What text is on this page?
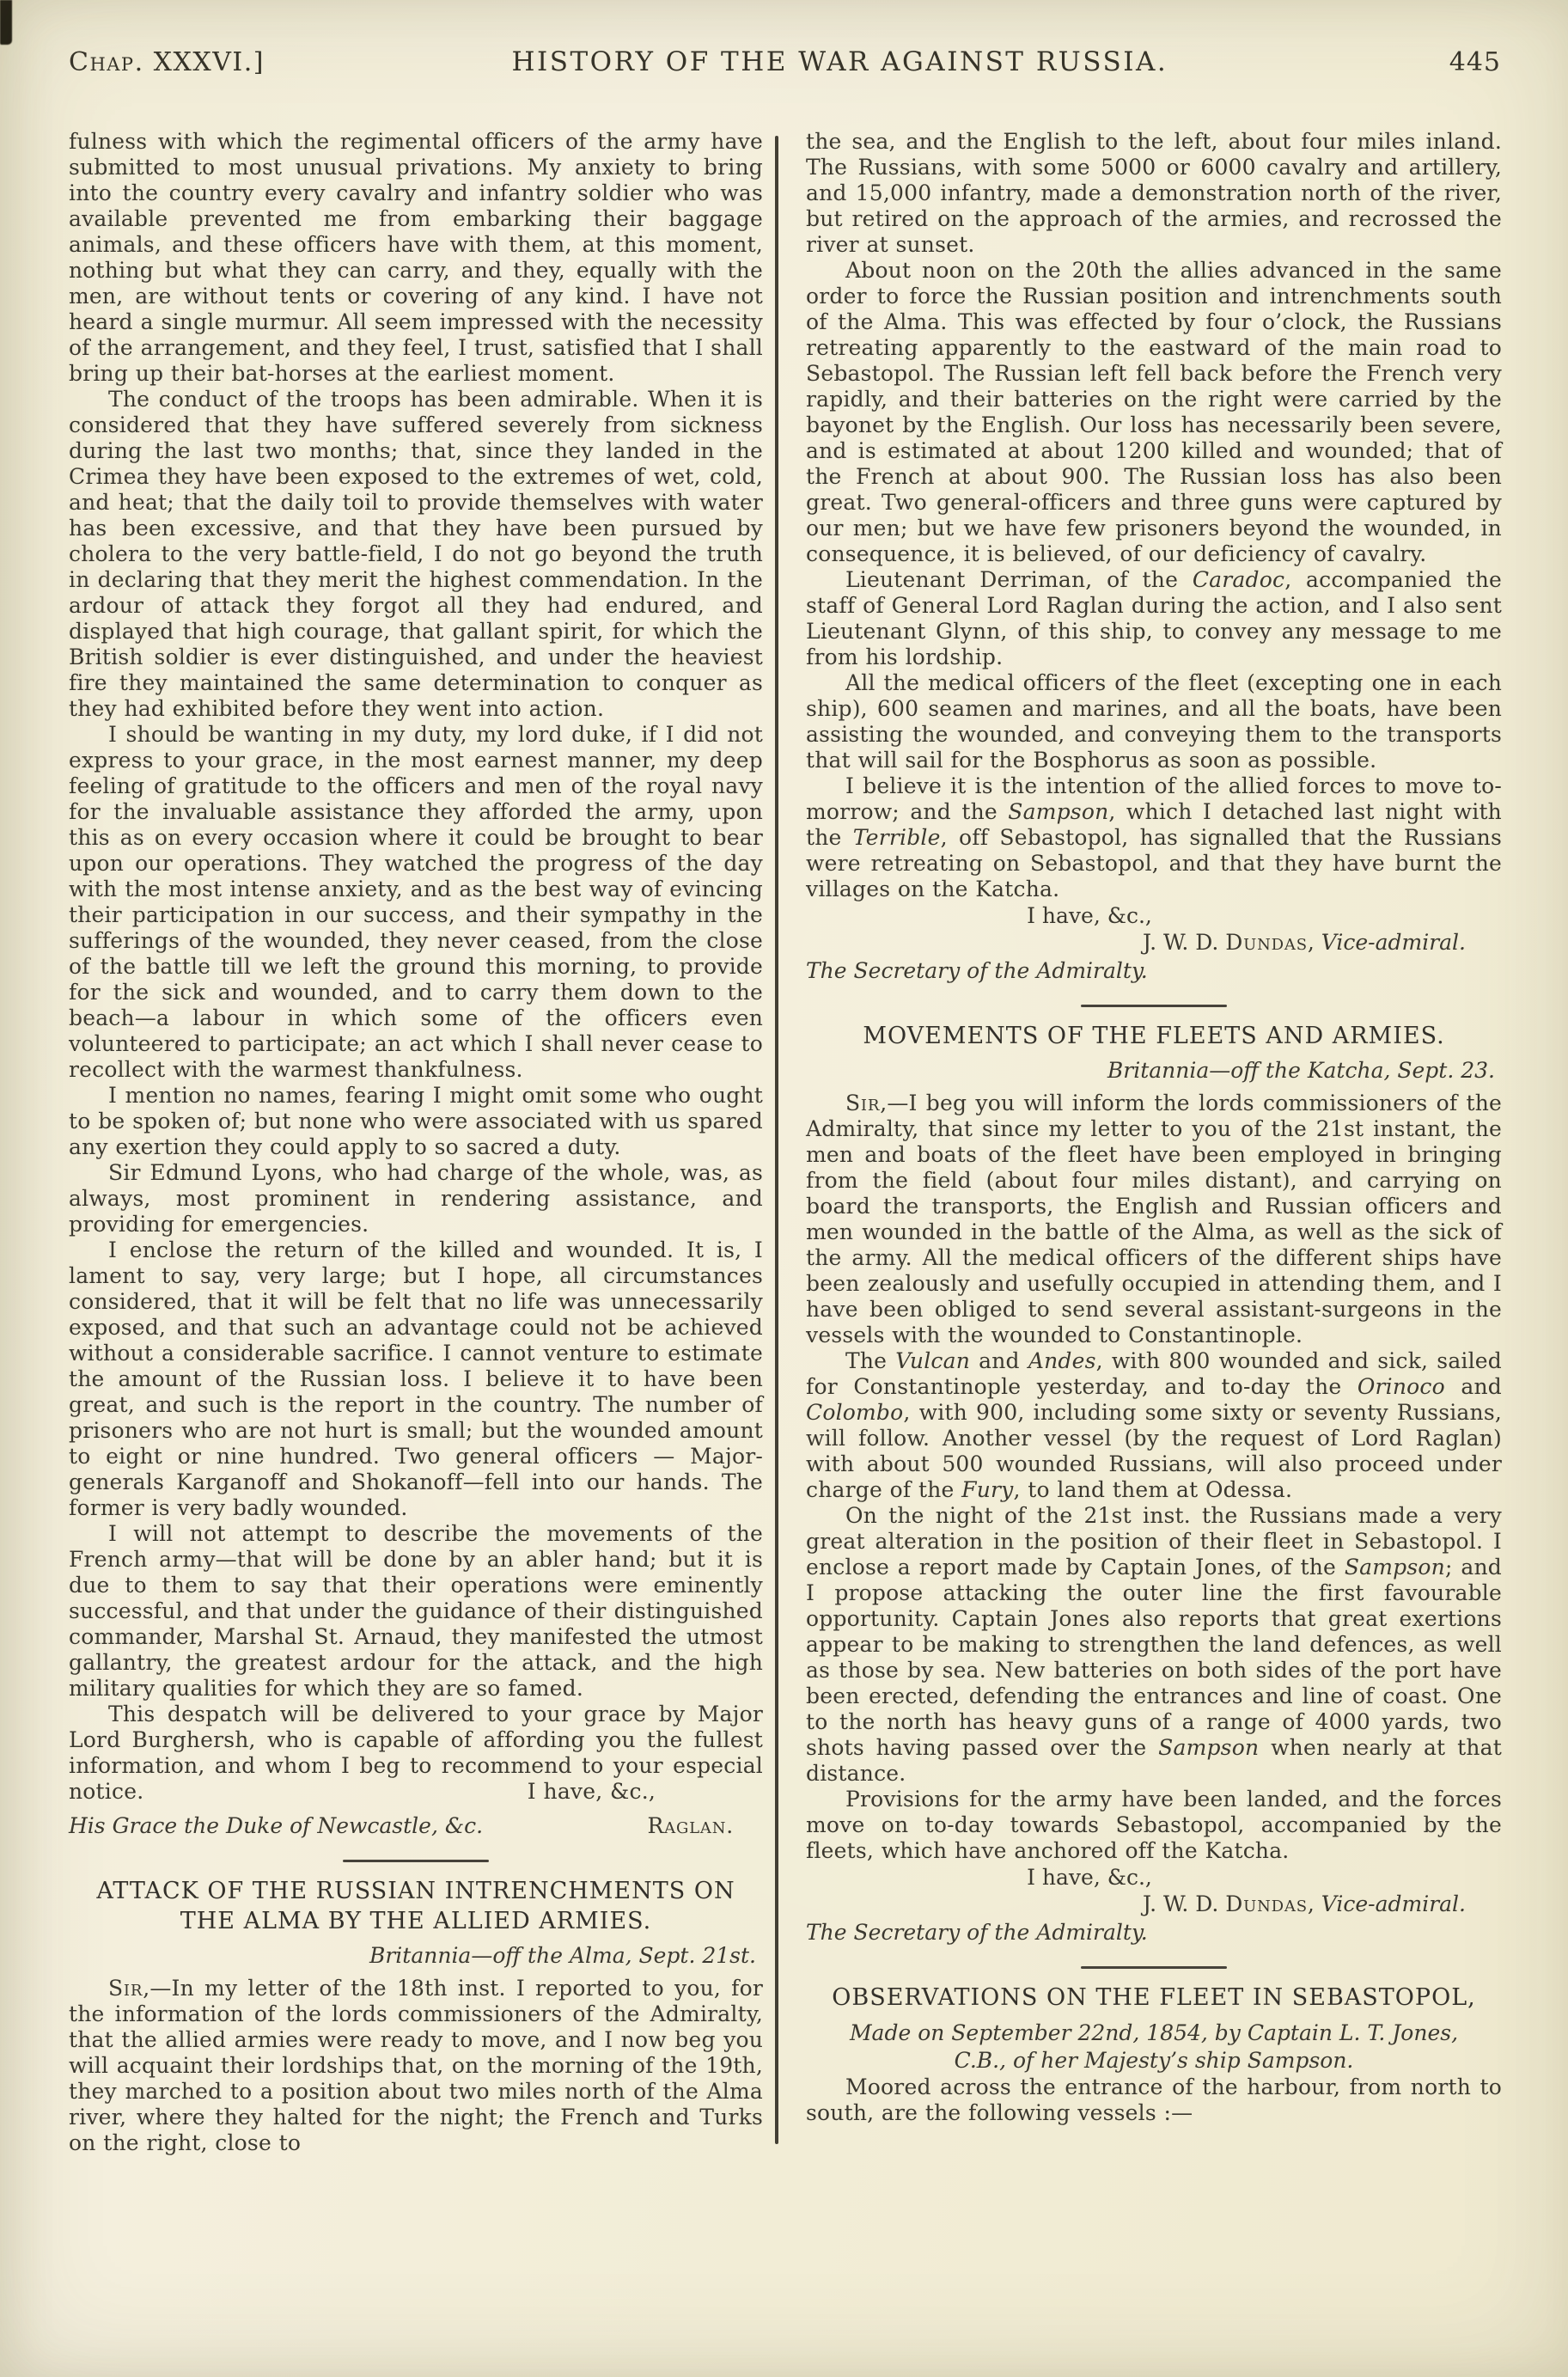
Chap. XXXVI.]	HISTORY OF THE WAR AGAINST RUSSIA.	445

fulness with which the regimental officers of the army have submitted to most unusual privations. My anxiety to bring into the country every cavalry and infantry soldier who was available prevented me from embarking their baggage animals, and these officers have with them, at this moment, nothing but what they can carry, and they, equally with the men, are without tents or covering of any kind. I have not heard a single murmur. All seem impressed with the necessity of the arrangement, and they feel, I trust, satisfied that I shall bring up their bat-horses at the earliest moment.

The conduct of the troops has been admirable. When it is considered that they have suffered severely from sickness during the last two months; that, since they landed in the Crimea they have been exposed to the extremes of wet, cold, and heat; that the daily toil to provide themselves with water has been excessive, and that they have been pursued by cholera to the very battle-field, I do not go beyond the truth in declaring that they merit the highest commendation. In the ardour of attack they forgot all they had endured, and displayed that high courage, that gallant spirit, for which the British soldier is ever distinguished, and under the heaviest fire they maintained the same determination to conquer as they had exhibited before they went into action.

I should be wanting in my duty, my lord duke, if I did not express to your grace, in the most earnest manner, my deep feeling of gratitude to the officers and men of the royal navy for the invaluable assistance they afforded the army, upon this as on every occasion where it could be brought to bear upon our operations. They watched the progress of the day with the most intense anxiety, and as the best way of evincing their participation in our success, and their sympathy in the sufferings of the wounded, they never ceased, from the close of the battle till we left the ground this morning, to provide for the sick and wounded, and to carry them down to the beach—a labour in which some of the officers even volunteered to participate; an act which I shall never cease to recollect with the warmest thankfulness.

I mention no names, fearing I might omit some who ought to be spoken of; but none who were associated with us spared any exertion they could apply to so sacred a duty.

Sir Edmund Lyons, who had charge of the whole, was, as always, most prominent in rendering assistance, and providing for emergencies.

I enclose the return of the killed and wounded. It is, I lament to say, very large; but I hope, all circumstances considered, that it will be felt that no life was unnecessarily exposed, and that such an advantage could not be achieved without a considerable sacrifice. I cannot venture to estimate the amount of the Russian loss. I believe it to have been great, and such is the report in the country. The number of prisoners who are not hurt is small; but the wounded amount to eight or nine hundred. Two general officers — Major-generals Karganoff and Shokanoff—fell into our hands. The former is very badly wounded.

I will not attempt to describe the movements of the French army—that will be done by an abler hand; but it is due to them to say that their operations were eminently successful, and that under the guidance of their distinguished commander, Marshal St. Arnaud, they manifested the utmost gallantry, the greatest ardour for the attack, and the high military qualities for which they are so famed.

This despatch will be delivered to your grace by Major Lord Burghersh, who is capable of affording you the fullest information, and whom I beg to recommend to your especial notice.	I have, &c.,

His Grace the Duke of Newcastle, &c.	Raglan.
ATTACK OF THE RUSSIAN INTRENCHMENTS ON THE ALMA BY THE ALLIED ARMIES.
Britannia—off the Alma, Sept. 21st.

Sir,—In my letter of the 18th inst. I reported to you, for the information of the lords commissioners of the Admiralty, that the allied armies were ready to move, and I now beg you will acquaint their lordships that, on the morning of the 19th, they marched to a position about two miles north of the Alma river, where they halted for the night; the French and Turks on the right, close to

the sea, and the English to the left, about four miles inland. The Russians, with some 5000 or 6000 cavalry and artillery, and 15,000 infantry, made a demonstration north of the river, but retired on the approach of the armies, and recrossed the river at sunset.

About noon on the 20th the allies advanced in the same order to force the Russian position and intrenchments south of the Alma. This was effected by four o’clock, the Russians retreating apparently to the eastward of the main road to Sebastopol. The Russian left fell back before the French very rapidly, and their batteries on the right were carried by the bayonet by the English. Our loss has necessarily been severe, and is estimated at about 1200 killed and wounded; that of the French at about 900. The Russian loss has also been great. Two general-officers and three guns were captured by our men; but we have few prisoners beyond the wounded, in consequence, it is believed, of our deficiency of cavalry.

Lieutenant Derriman, of the Caradoc, accompanied the staff of General Lord Raglan during the action, and I also sent Lieutenant Glynn, of this ship, to convey any message to me from his lordship.

All the medical officers of the fleet (excepting one in each ship), 600 seamen and marines, and all the boats, have been assisting the wounded, and conveying them to the transports that will sail for the Bosphorus as soon as possible.

I believe it is the intention of the allied forces to move to-morrow; and the Sampson, which I detached last night with the Terrible, off Sebastopol, has signalled that the Russians were retreating on Sebastopol, and that they have burnt the villages on the Katcha.

I have, &c.,
J. W. D. Dundas, Vice-admiral.
The Secretary of the Admiralty.
MOVEMENTS OF THE FLEETS AND ARMIES.
Britannia—off the Katcha, Sept. 23.

Sir,—I beg you will inform the lords commissioners of the Admiralty, that since my letter to you of the 21st instant, the men and boats of the fleet have been employed in bringing from the field (about four miles distant), and carrying on board the transports, the English and Russian officers and men wounded in the battle of the Alma, as well as the sick of the army. All the medical officers of the different ships have been zealously and usefully occupied in attending them, and I have been obliged to send several assistant-surgeons in the vessels with the wounded to Constantinople.

The Vulcan and Andes, with 800 wounded and sick, sailed for Constantinople yesterday, and to-day the Orinoco and Colombo, with 900, including some sixty or seventy Russians, will follow. Another vessel (by the request of Lord Raglan) with about 500 wounded Russians, will also proceed under charge of the Fury, to land them at Odessa.

On the night of the 21st inst. the Russians made a very great alteration in the position of their fleet in Sebastopol. I enclose a report made by Captain Jones, of the Sampson; and I propose attacking the outer line the first favourable opportunity. Captain Jones also reports that great exertions appear to be making to strengthen the land defences, as well as those by sea. New batteries on both sides of the port have been erected, defending the entrances and line of coast. One to the north has heavy guns of a range of 4000 yards, two shots having passed over the Sampson when nearly at that distance.

Provisions for the army have been landed, and the forces move on to-day towards Sebastopol, accompanied by the fleets, which have anchored off the Katcha.

I have, &c.,
J. W. D. Dundas, Vice-admiral.
The Secretary of the Admiralty.
OBSERVATIONS ON THE FLEET IN SEBASTOPOL,
Made on September 22nd, 1854, by Captain L. T. Jones,
C.B., of her Majesty’s ship Sampson.

Moored across the entrance of the harbour, from north to south, are the following vessels :—
